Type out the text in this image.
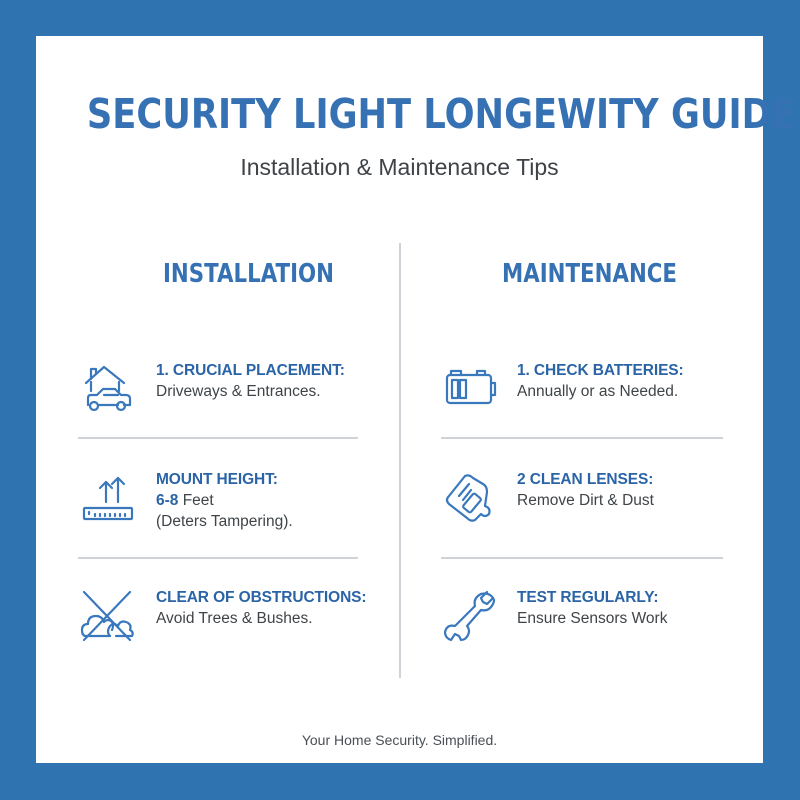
SECURITY LIGHT LONGEWITY GUIDE
Installation & Maintenance Tips
INSTALLATION
1. CRUCIAL PLACEMENT:
Driveways & Entrances.
MOUNT HEIGHT:
6-8 Feet
(Deters Tampering).
CLEAR OF OBSTRUCTIONS:
Avoid Trees & Bushes.
MAINTENANCE
1. CHECK BATTERIES:
Annually or as Needed.
2 CLEAN LENSES:
Remove Dirt & Dust
TEST REGULARLY:
Ensure Sensors Work
Your Home Security. Simplified.
